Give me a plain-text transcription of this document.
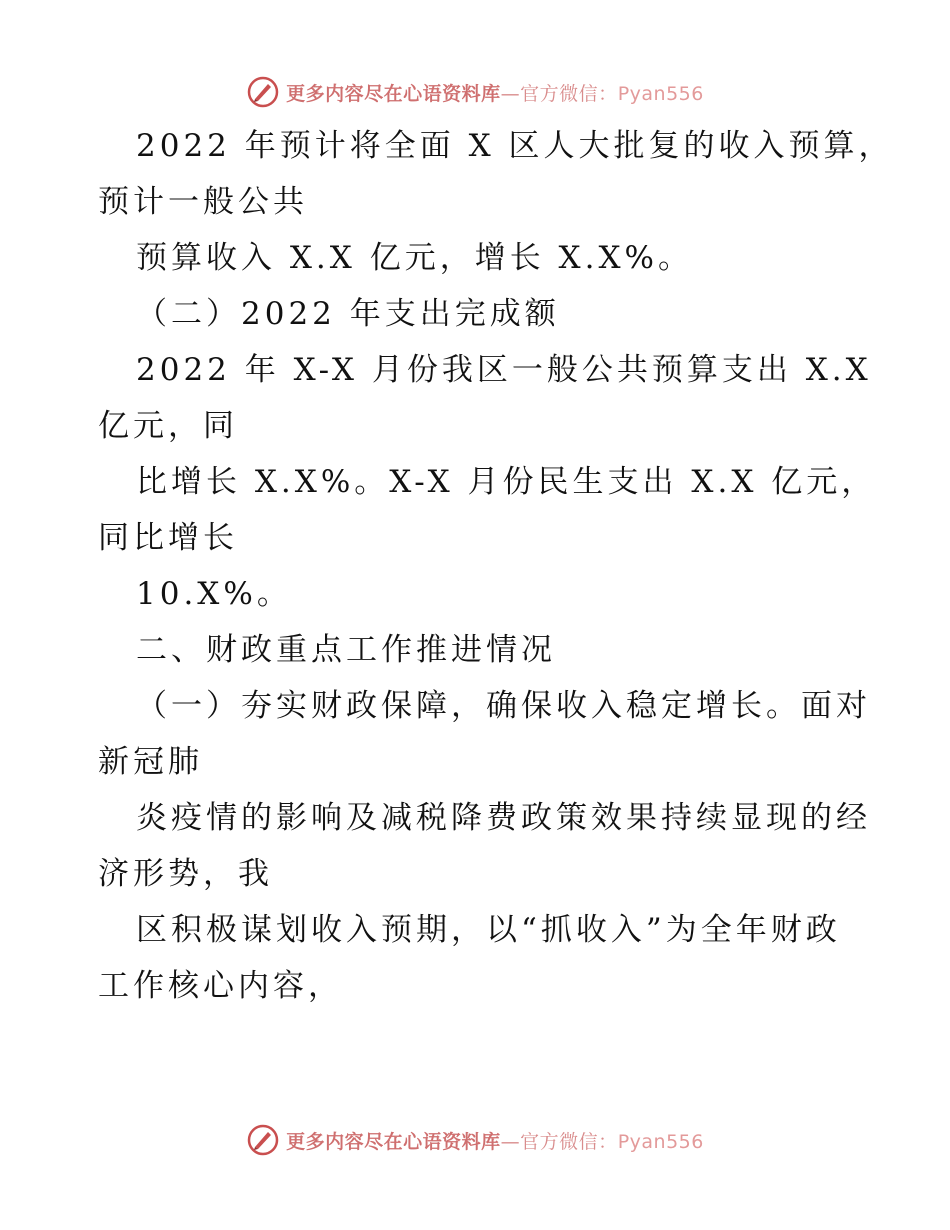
更多内容尽在心语资料库—官方微信：Pyan556
2022 年预计将全面 X 区人大批复的收入预算，
预计一般公共
预算收入 X.X 亿元，增长 X.X%。
（二）2022 年支出完成额
2022 年 X-X 月份我区一般公共预算支出 X.X
亿元，同
比增长 X.X%。X-X 月份民生支出 X.X 亿元，
同比增长
10.X%。
二、财政重点工作推进情况
（一）夯实财政保障，确保收入稳定增长。面对
新冠肺
炎疫情的影响及减税降费政策效果持续显现的经
济形势，我
区积极谋划收入预期，以“抓收入”为全年财政
工作核心内容，
更多内容尽在心语资料库—官方微信：Pyan556
